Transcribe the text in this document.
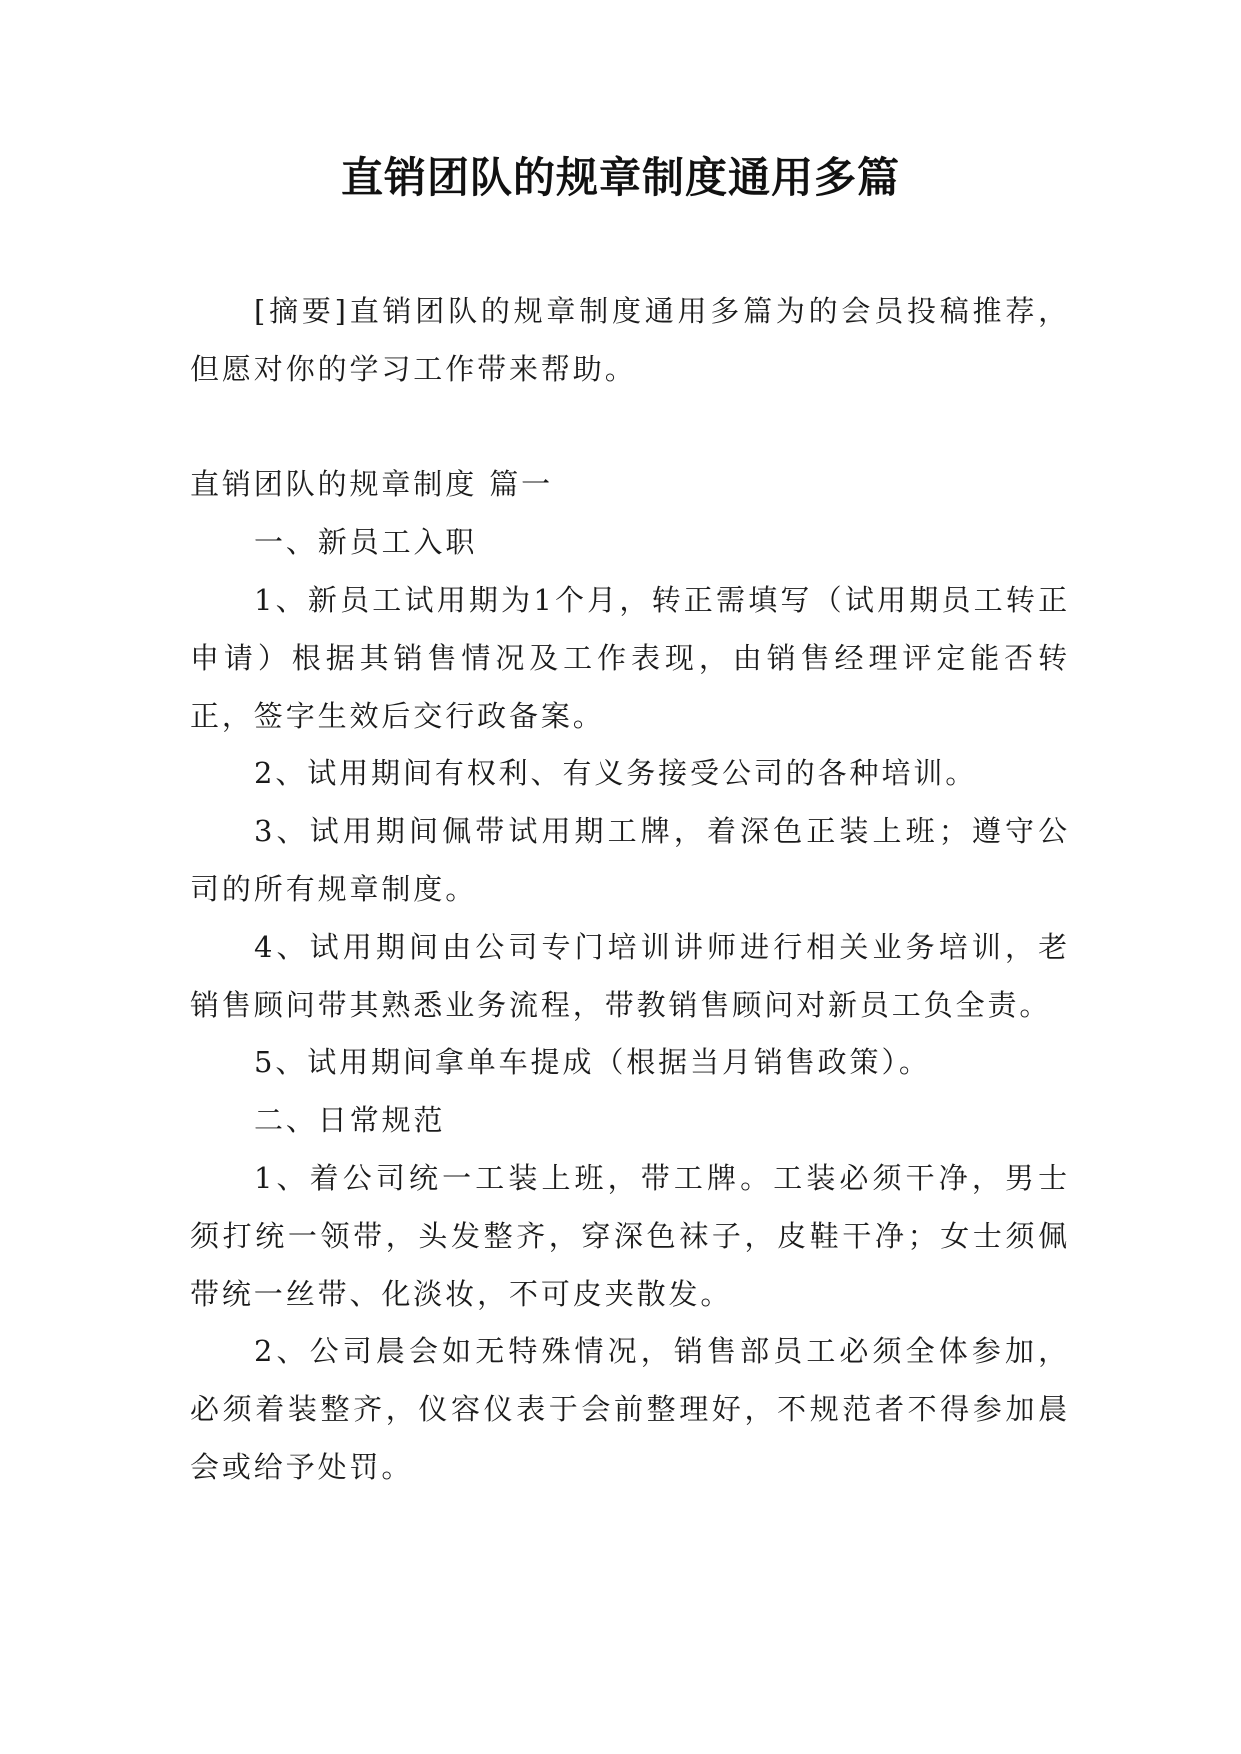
直销团队的规章制度通用多篇

[摘要]直销团队的规章制度通用多篇为的会员投稿推荐，但愿对你的学习工作带来帮助。

直销团队的规章制度 篇一

一、新员工入职

1、新员工试用期为1个月，转正需填写（试用期员工转正申请）根据其销售情况及工作表现，由销售经理评定能否转正，签字生效后交行政备案。

2、试用期间有权利、有义务接受公司的各种培训。

3、试用期间佩带试用期工牌，着深色正装上班；遵守公司的所有规章制度。

4、试用期间由公司专门培训讲师进行相关业务培训，老销售顾问带其熟悉业务流程，带教销售顾问对新员工负全责。

5、试用期间拿单车提成（根据当月销售政策）。

二、日常规范

1、着公司统一工装上班，带工牌。工装必须干净，男士须打统一领带，头发整齐，穿深色袜子，皮鞋干净；女士须佩带统一丝带、化淡妆，不可皮夹散发。

2、公司晨会如无特殊情况，销售部员工必须全体参加，必须着装整齐，仪容仪表于会前整理好，不规范者不得参加晨会或给予处罚。
